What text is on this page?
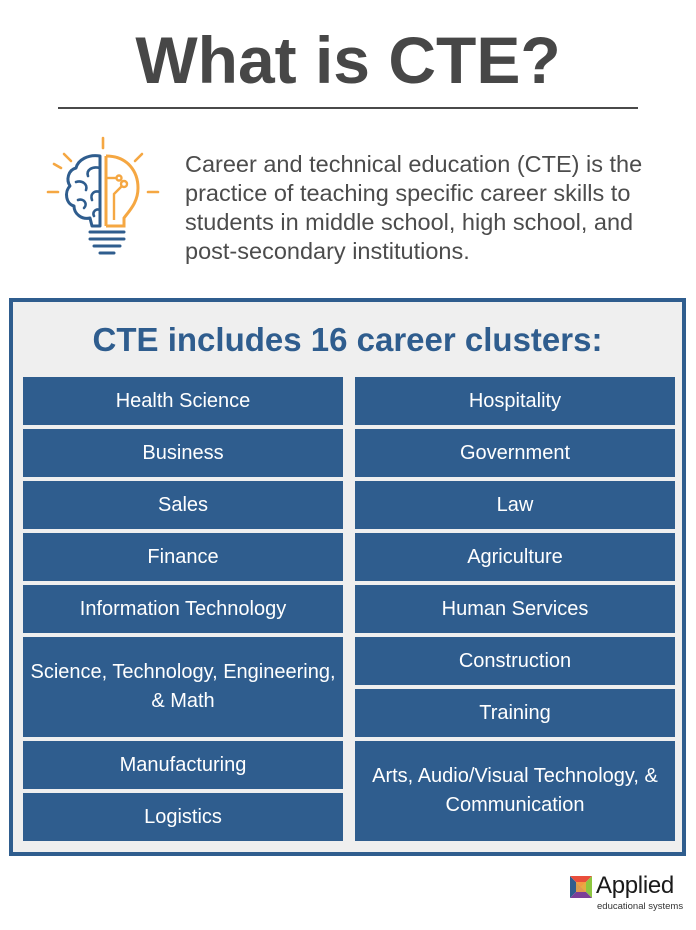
What is CTE?

Career and technical education (CTE) is the practice of teaching specific career skills to students in middle school, high school, and post-secondary institutions.

CTE includes 16 career clusters:
Health Science
Business
Sales
Finance
Information Technology
Science, Technology, Engineering, & Math
Manufacturing
Logistics
Hospitality
Government
Law
Agriculture
Human Services
Construction
Training
Arts, Audio/Visual Technology, & Communication
Applied
educational systems
